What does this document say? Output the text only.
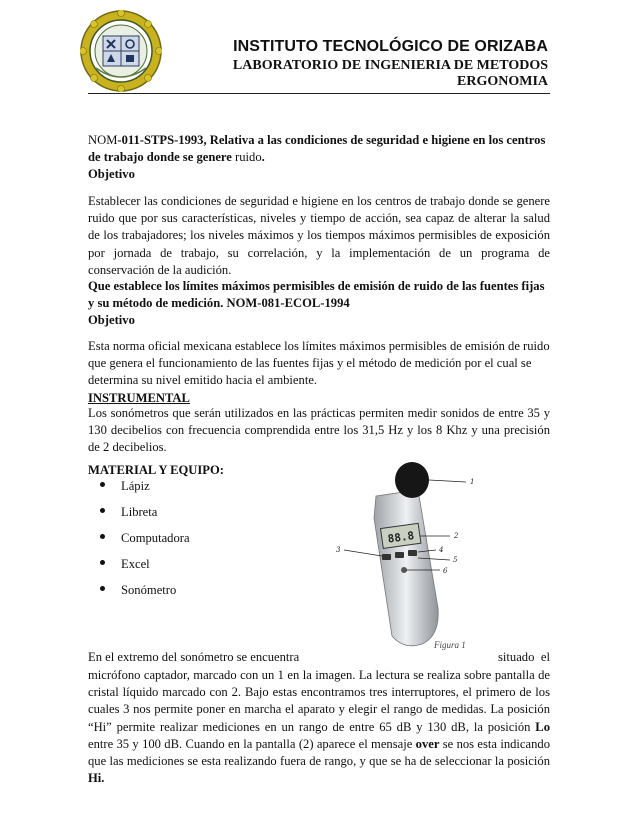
INSTITUTO TECNOLÓGICO DE ORIZABA
LABORATORIO DE INGENIERIA DE METODOS
ERGONOMIA
NOM-011-STPS-1993, Relativa a las condiciones de seguridad e higiene en los centros de trabajo donde se genere ruido.
Objetivo
Establecer las condiciones de seguridad e higiene en los centros de trabajo donde se genere ruido que por sus características, niveles y tiempo de acción, sea capaz de alterar la salud de los trabajadores; los niveles máximos y los tiempos máximos permisibles de exposición por jornada de trabajo, su correlación, y la implementación de un programa de conservación de la audición.
Que establece los límites máximos permisibles de emisión de ruido de las fuentes fijas y su método de medición. NOM-081-ECOL-1994
Objetivo
Esta norma oficial mexicana establece los límites máximos permisibles de emisión de ruido que genera el funcionamiento de las fuentes fijas y el método de medición por el cual se determina su nivel emitido hacia el ambiente.
INSTRUMENTAL
Los sonómetros que serán utilizados en las prácticas permiten medir sonidos de entre 35 y 130 decibelios con frecuencia comprendida entre los 31,5 Hz y los 8 Khz y una precisión de 2 decibelios.
MATERIAL Y EQUIPO:
Lápiz
Libreta
Computadora
Excel
Sonómetro
88.8
1
2
3	4
5
6
Figura 1
En el extremo del sonómetro se encuentra	situado el
micrófono captador, marcado con un 1 en la imagen. La lectura se realiza sobre pantalla de cristal líquido marcado con 2. Bajo estas encontramos tres interruptores, el primero de los cuales 3 nos permite poner en marcha el aparato y elegir el rango de medidas. La posición “Hi” permite realizar mediciones en un rango de entre 65 dB y 130 dB, la posición Lo entre 35 y 100 dB. Cuando en la pantalla (2) aparece el mensaje over se nos esta indicando que las mediciones se esta realizando fuera de rango, y que se ha de seleccionar la posición Hi.
